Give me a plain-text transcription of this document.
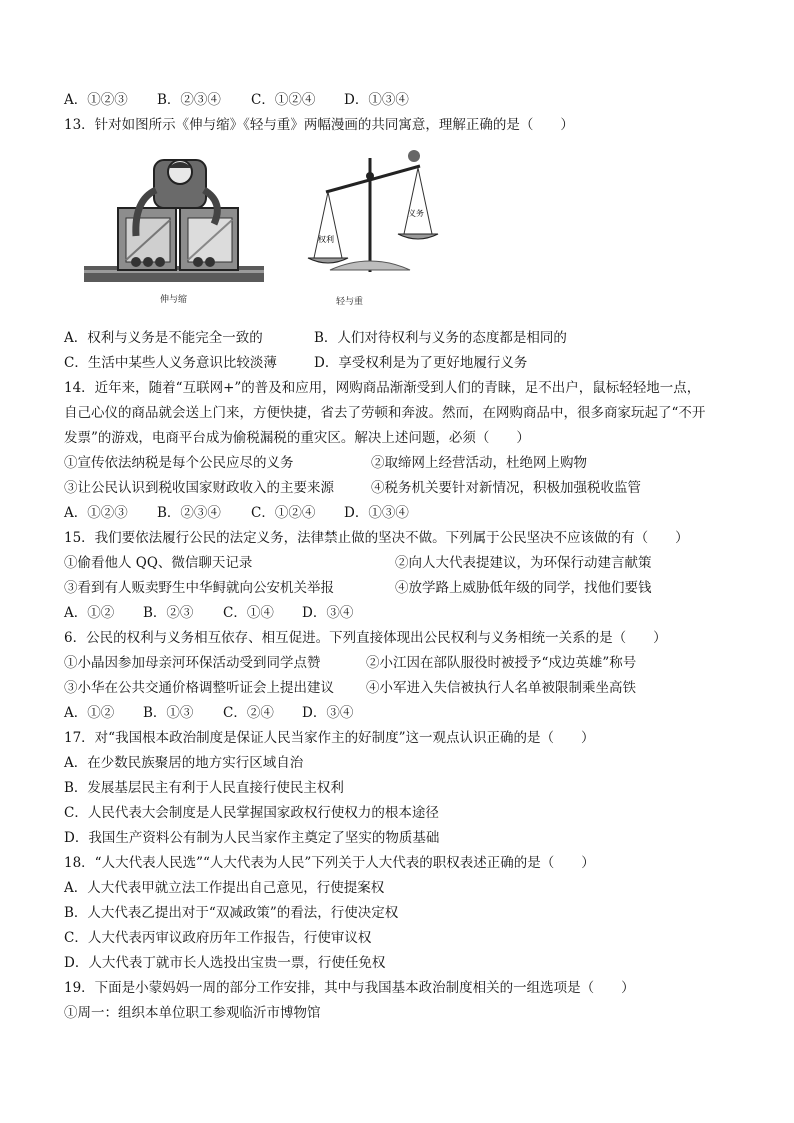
A．①②③ B．②③④ C．①②④ D．①③④
13．针对如图所示《伸与缩》《轻与重》两幅漫画的共同寓意，理解正确的是（　　）
伸与缩
权利
义务
轻与重
A．权利与义务是不能完全一致的	B．人们对待权利与义务的态度都是相同的
C．生活中某些人义务意识比较淡薄	D．享受权利是为了更好地履行义务
14．近年来，随着“互联网+”的普及和应用，网购商品渐渐受到人们的青睐，足不出户，鼠标轻轻地一点，
自己心仪的商品就会送上门来，方便快捷，省去了劳顿和奔波。然而，在网购商品中，很多商家玩起了“不开
发票”的游戏，电商平台成为偷税漏税的重灾区。解决上述问题，必须（　　）
①宣传依法纳税是每个公民应尽的义务	②取缔网上经营活动，杜绝网上购物
③让公民认识到税收国家财政收入的主要来源	④税务机关要针对新情况，积极加强税收监管
A．①②③ B．②③④ C．①②④ D．①③④
15．我们要依法履行公民的法定义务，法律禁止做的坚决不做。下列属于公民坚决不应该做的有（　　）
①偷看他人 QQ、微信聊天记录	②向人大代表提建议，为环保行动建言献策
③看到有人贩卖野生中华鲟就向公安机关举报	④放学路上威胁低年级的同学，找他们要钱
A．①② B．②③ C．①④ D．③④
6．公民的权利与义务相互依存、相互促进。下列直接体现出公民权利与义务相统一关系的是（　　）
①小晶因参加母亲河环保活动受到同学点赞	②小江因在部队服役时被授予“戍边英雄”称号
③小华在公共交通价格调整听证会上提出建议 ④小军进入失信被执行人名单被限制乘坐高铁
A．①② B．①③ C．②④ D．③④
17．对“我国根本政治制度是保证人民当家作主的好制度”这一观点认识正确的是（　　）
A．在少数民族聚居的地方实行区域自治
B．发展基层民主有利于人民直接行使民主权利
C．人民代表大会制度是人民掌握国家政权行使权力的根本途径
D．我国生产资料公有制为人民当家作主奠定了坚实的物质基础
18．“人大代表人民选”“人大代表为人民”下列关于人大代表的职权表述正确的是（　　）
A．人大代表甲就立法工作提出自己意见，行使提案权
B．人大代表乙提出对于“双减政策”的看法，行使决定权
C．人大代表丙审议政府历年工作报告，行使审议权
D．人大代表丁就市长人选投出宝贵一票，行使任免权
19．下面是小蒙妈妈一周的部分工作安排，其中与我国基本政治制度相关的一组选项是（　　）
①周一：组织本单位职工参观临沂市博物馆
